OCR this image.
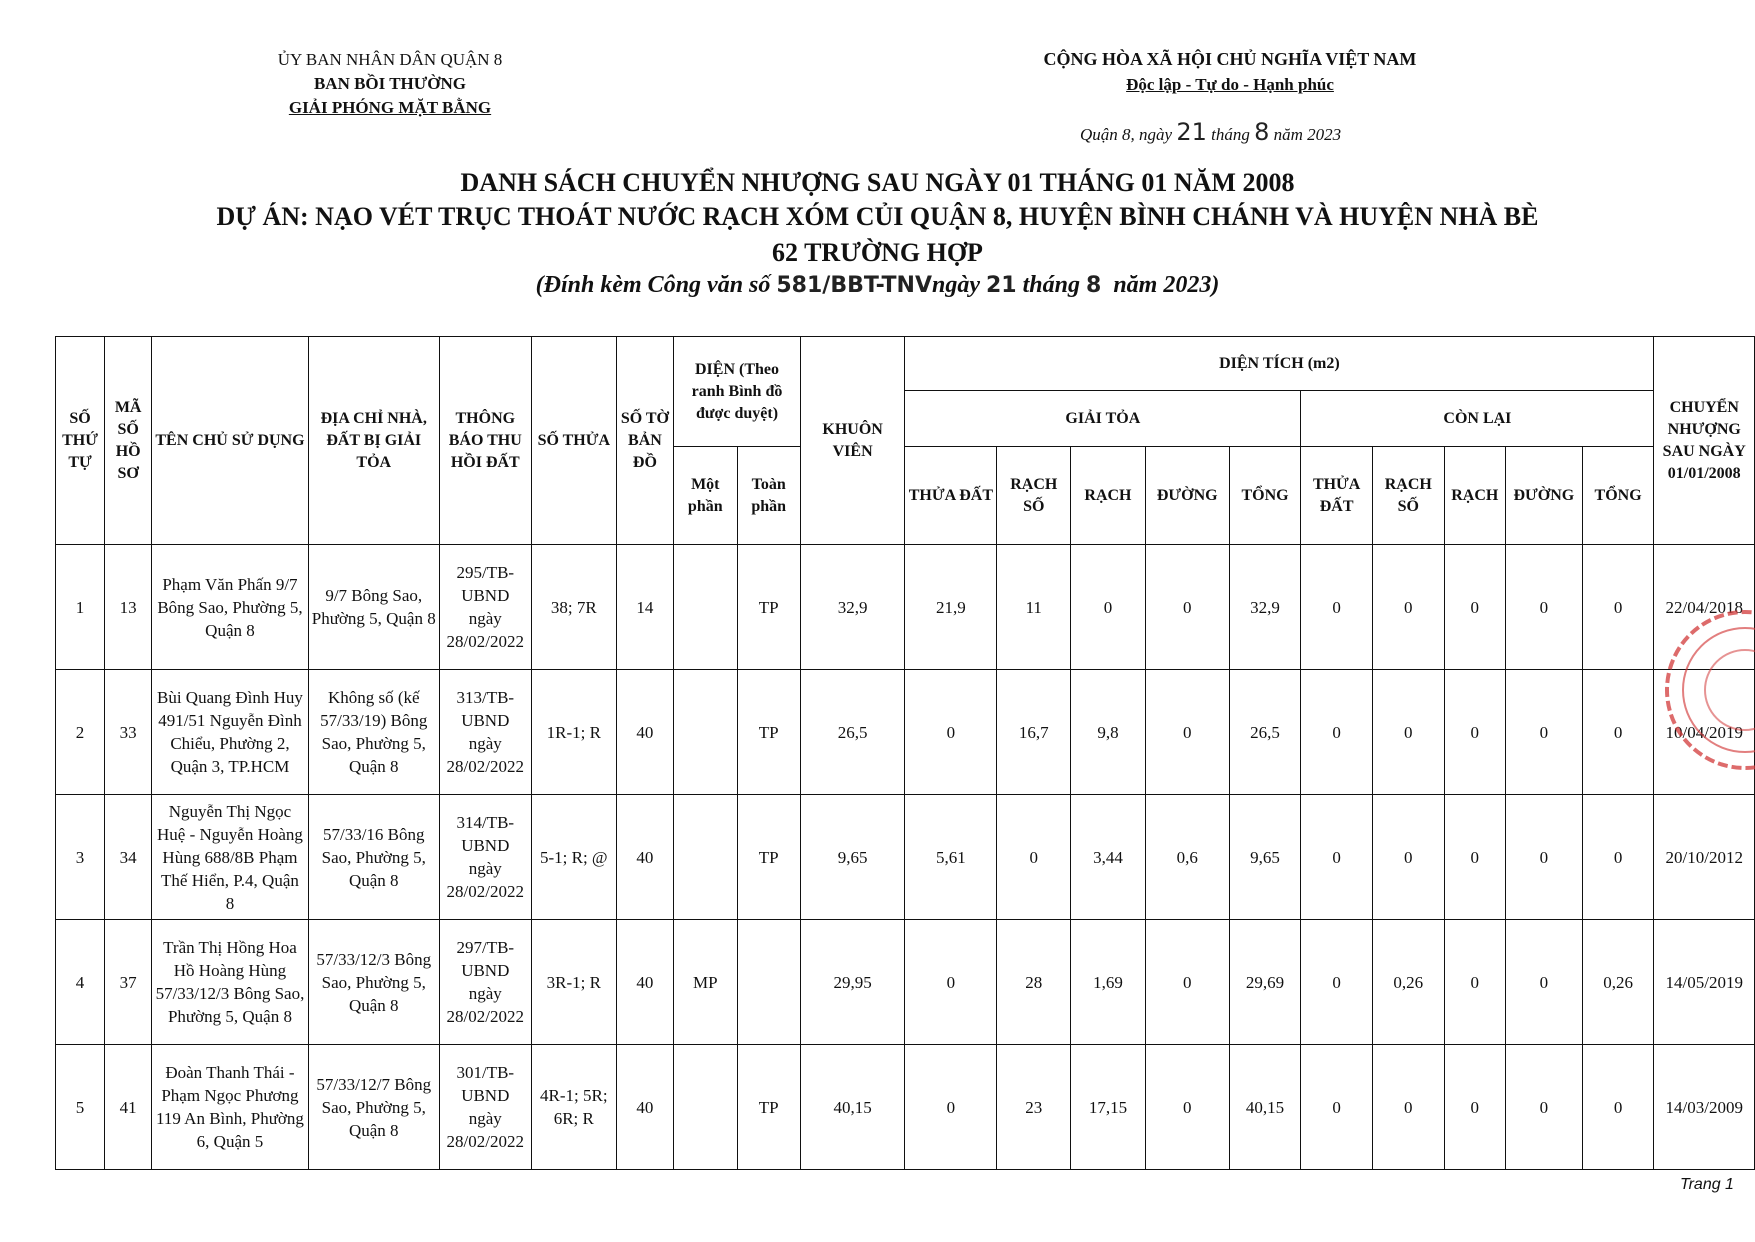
ỦY BAN NHÂN DÂN QUẬN 8
BAN BỒI THƯỜNG
GIẢI PHÓNG MẶT BẰNG
CỘNG HÒA XÃ HỘI CHỦ NGHĨA VIỆT NAM
Độc lập - Tự do - Hạnh phúc
Quận 8, ngày 21 tháng 8 năm 2023
DANH SÁCH CHUYỂN NHƯỢNG SAU NGÀY 01 THÁNG 01 NĂM 2008
DỰ ÁN: NẠO VÉT TRỤC THOÁT NƯỚC RẠCH XÓM CỦI QUẬN 8, HUYỆN BÌNH CHÁNH VÀ HUYỆN NHÀ BÈ
62 TRƯỜNG HỢP
(Đính kèm Công văn số 581/BBT-TNVngày 21 tháng 8 năm 2023)
SỐ THỨ TỰ	MÃ SỐ HỒ SƠ	TÊN CHỦ SỬ DỤNG	ĐỊA CHỈ NHÀ, ĐẤT BỊ GIẢI TỎA	THÔNG BÁO THU HỒI ĐẤT	SỐ THỬA	SỐ TỜ BẢN ĐỒ	DIỆN (Theo ranh Bình đồ được duyệt)		KHUÔN VIÊN	DIỆN TÍCH (m2)										CHUYỂN NHƯỢNG SAU NGÀY 01/01/2008
										GIẢI TỎA					CÒN LẠI					
							Một phần	Toàn phần		THỬA ĐẤT	RẠCH SỐ	RẠCH	ĐƯỜNG	TỔNG	THỬA ĐẤT	RẠCH SỐ	RẠCH	ĐƯỜNG	TỔNG	
1	13	Phạm Văn Phấn 9/7 Bông Sao, Phường 5, Quận 8	9/7 Bông Sao, Phường 5, Quận 8	295/TB-UBND ngày 28/02/2022	38; 7R	14		TP	32,9	21,9	11	0	0	32,9	0	0	0	0	0	22/04/2018
2	33	Bùi Quang Đình Huy 491/51 Nguyễn Đình Chiểu, Phường 2, Quận 3, TP.HCM	Không số (kế 57/33/19) Bông Sao, Phường 5, Quận 8	313/TB-UBND ngày 28/02/2022	1R-1; R	40		TP	26,5	0	16,7	9,8	0	26,5	0	0	0	0	0	10/04/2019
3	34	Nguyễn Thị Ngọc Huệ - Nguyễn Hoàng Hùng 688/8B Phạm Thế Hiển, P.4, Quận 8	57/33/16 Bông Sao, Phường 5, Quận 8	314/TB-UBND ngày 28/02/2022	5-1; R; @	40		TP	9,65	5,61	0	3,44	0,6	9,65	0	0	0	0	0	20/10/2012
4	37	Trần Thị Hồng Hoa Hồ Hoàng Hùng 57/33/12/3 Bông Sao, Phường 5, Quận 8	57/33/12/3 Bông Sao, Phường 5, Quận 8	297/TB-UBND ngày 28/02/2022	3R-1; R	40	MP		29,95	0	28	1,69	0	29,69	0	0,26	0	0	0,26	14/05/2019
5	41	Đoàn Thanh Thái - Phạm Ngọc Phương 119 An Bình, Phường 6, Quận 5	57/33/12/7 Bông Sao, Phường 5, Quận 8	301/TB-UBND ngày 28/02/2022	4R-1; 5R; 6R; R	40		TP	40,15	0	23	17,15	0	40,15	0	0	0	0	0	14/03/2009
Trang 1
